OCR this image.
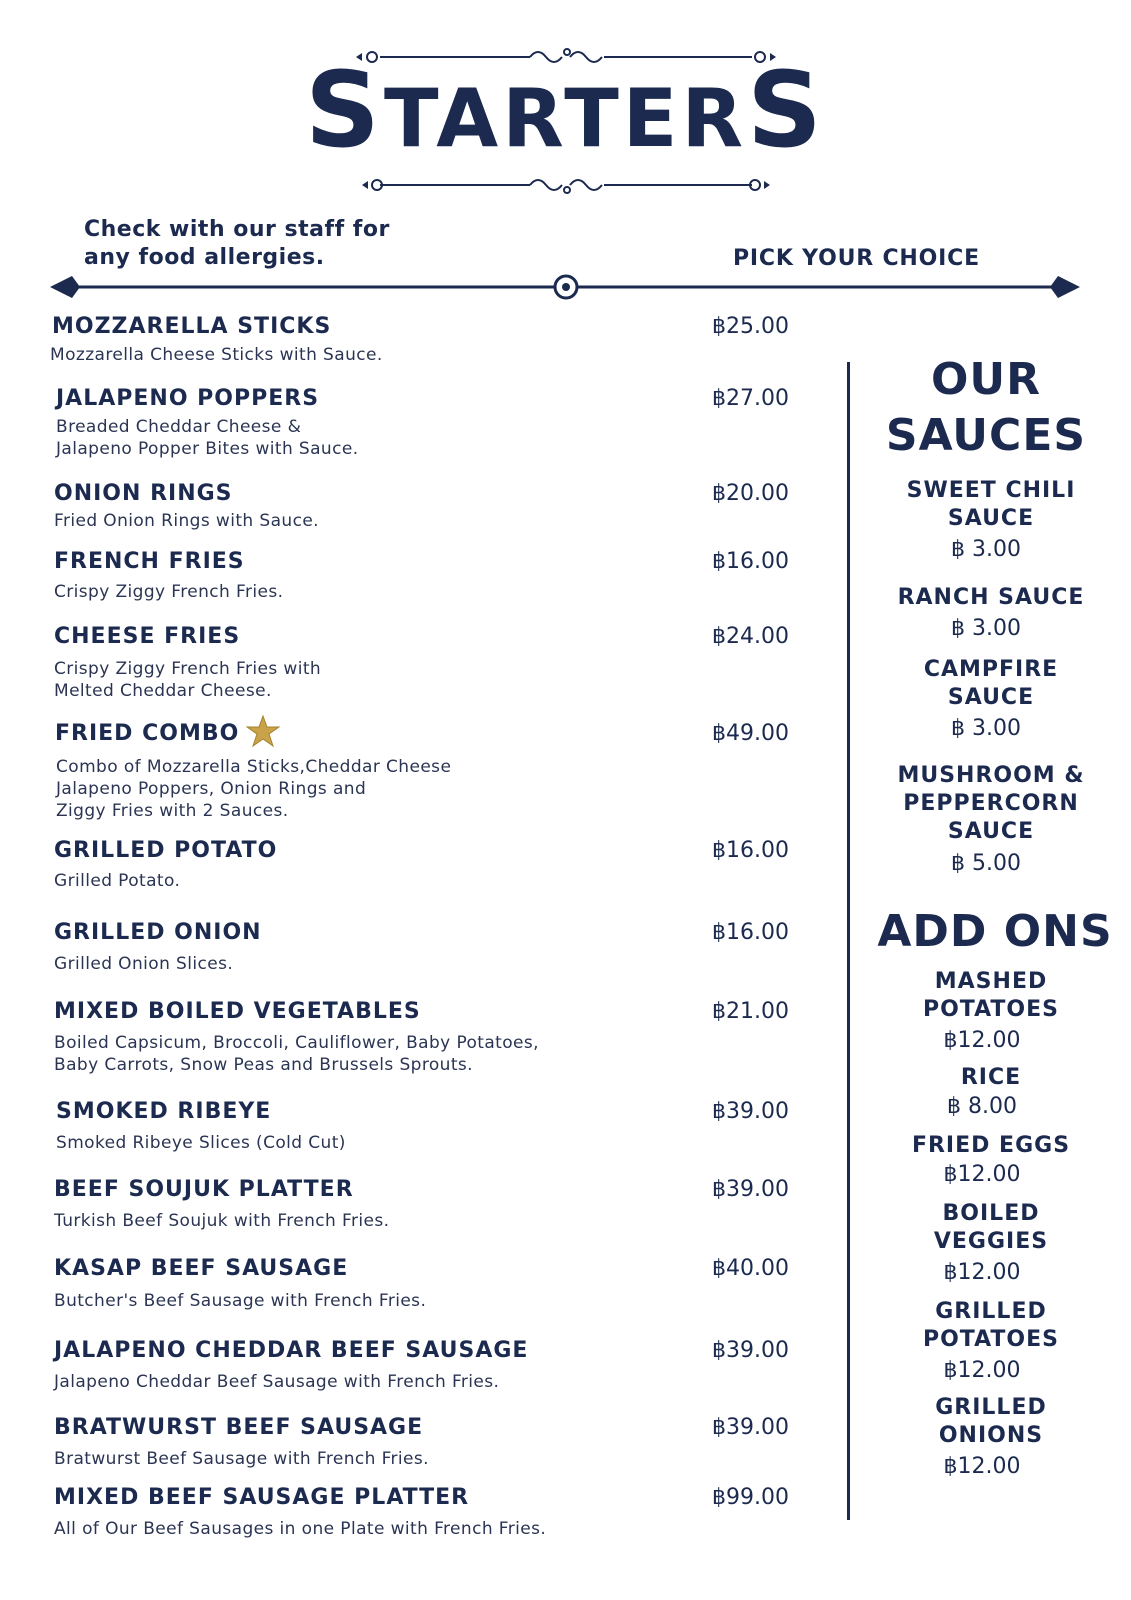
STARTERS
Check with our staff for
any food allergies.	PICK YOUR CHOICE
MOZZARELLA STICKS
Mozzarella Cheese Sticks with Sauce.
฿25.00
JALAPENO POPPERS
Breaded Cheddar Cheese &
Jalapeno Popper Bites with Sauce.
฿27.00
ONION RINGS
Fried Onion Rings with Sauce.
฿20.00
FRENCH FRIES
Crispy Ziggy French Fries.
฿16.00
CHEESE FRIES
Crispy Ziggy French Fries with
Melted Cheddar Cheese.
฿24.00
FRIED COMBO
Combo of Mozzarella Sticks,Cheddar Cheese
Jalapeno Poppers, Onion Rings and
Ziggy Fries with 2 Sauces.
฿49.00
GRILLED POTATO
Grilled Potato.
฿16.00
GRILLED ONION
Grilled Onion Slices.
฿16.00
MIXED BOILED VEGETABLES
Boiled Capsicum, Broccoli, Cauliflower, Baby Potatoes,
Baby Carrots, Snow Peas and Brussels Sprouts.
฿21.00
SMOKED RIBEYE
Smoked Ribeye Slices (Cold Cut)
฿39.00
BEEF SOUJUK PLATTER
Turkish Beef Soujuk with French Fries.
฿39.00
KASAP BEEF SAUSAGE
Butcher's Beef Sausage with French Fries.
฿40.00
JALAPENO CHEDDAR BEEF SAUSAGE
Jalapeno Cheddar Beef Sausage with French Fries.
฿39.00
BRATWURST BEEF SAUSAGE
Bratwurst Beef Sausage with French Fries.
฿39.00
MIXED BEEF SAUSAGE PLATTER
All of Our Beef Sausages in one Plate with French Fries.
฿99.00
OUR
SAUCES
SWEET CHILI
SAUCE
฿ 3.00
RANCH SAUCE
฿ 3.00
CAMPFIRE
SAUCE
฿ 3.00
MUSHROOM &
PEPPERCORN
SAUCE
฿ 5.00
ADD ONS
MASHED
POTATOES
฿12.00
RICE
฿ 8.00
FRIED EGGS
฿12.00
BOILED
VEGGIES
฿12.00
GRILLED
POTATOES
฿12.00
GRILLED
ONIONS
฿12.00
